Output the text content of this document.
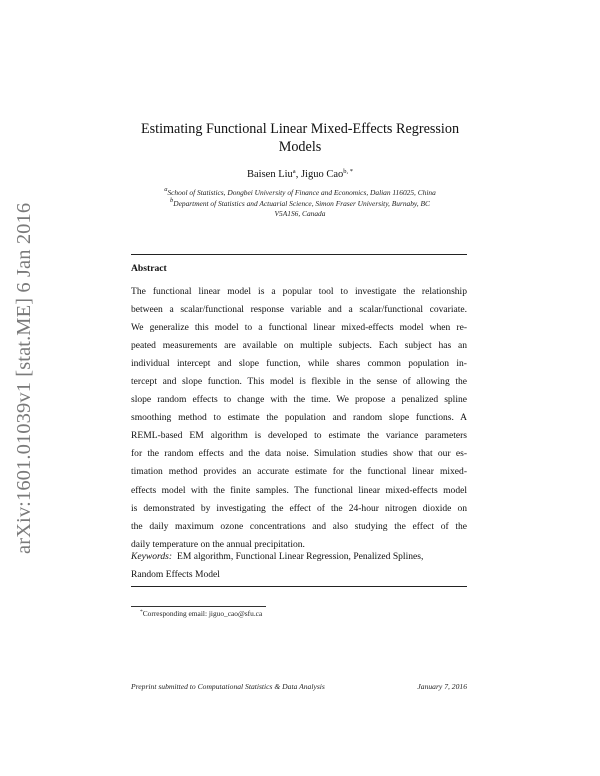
arXiv:1601.01039v1 [stat.ME] 6 Jan 2016
Estimating Functional Linear Mixed-Effects Regression
Models
Baisen Liu$^a$, Jiguo Cao$^{b, *}$
$^a$School of Statistics, Dongbei University of Finance and Economics, Dalian 116025, China
$^b$Department of Statistics and Actuarial Science, Simon Fraser University, Burnaby, BC
V5A1S6, Canada
Abstract
The functional linear model is a popular tool to investigate the relationship
between a scalar/functional response variable and a scalar/functional covariate.
We generalize this model to a functional linear mixed-effects model when re-
peated measurements are available on multiple subjects. Each subject has an
individual intercept and slope function, while shares common population in-
tercept and slope function. This model is flexible in the sense of allowing the
slope random effects to change with the time. We propose a penalized spline
smoothing method to estimate the population and random slope functions. A
REML-based EM algorithm is developed to estimate the variance parameters
for the random effects and the data noise. Simulation studies show that our es-
timation method provides an accurate estimate for the functional linear mixed-
effects model with the finite samples. The functional linear mixed-effects model
is demonstrated by investigating the effect of the 24-hour nitrogen dioxide on
the daily maximum ozone concentrations and also studying the effect of the
daily temperature on the annual precipitation.
Keywords: EM algorithm, Functional Linear Regression, Penalized Splines,
Random Effects Model
*Corresponding email: jiguo_cao@sfu.ca
Preprint submitted to Computational Statistics & Data Analysis	January 7, 2016
